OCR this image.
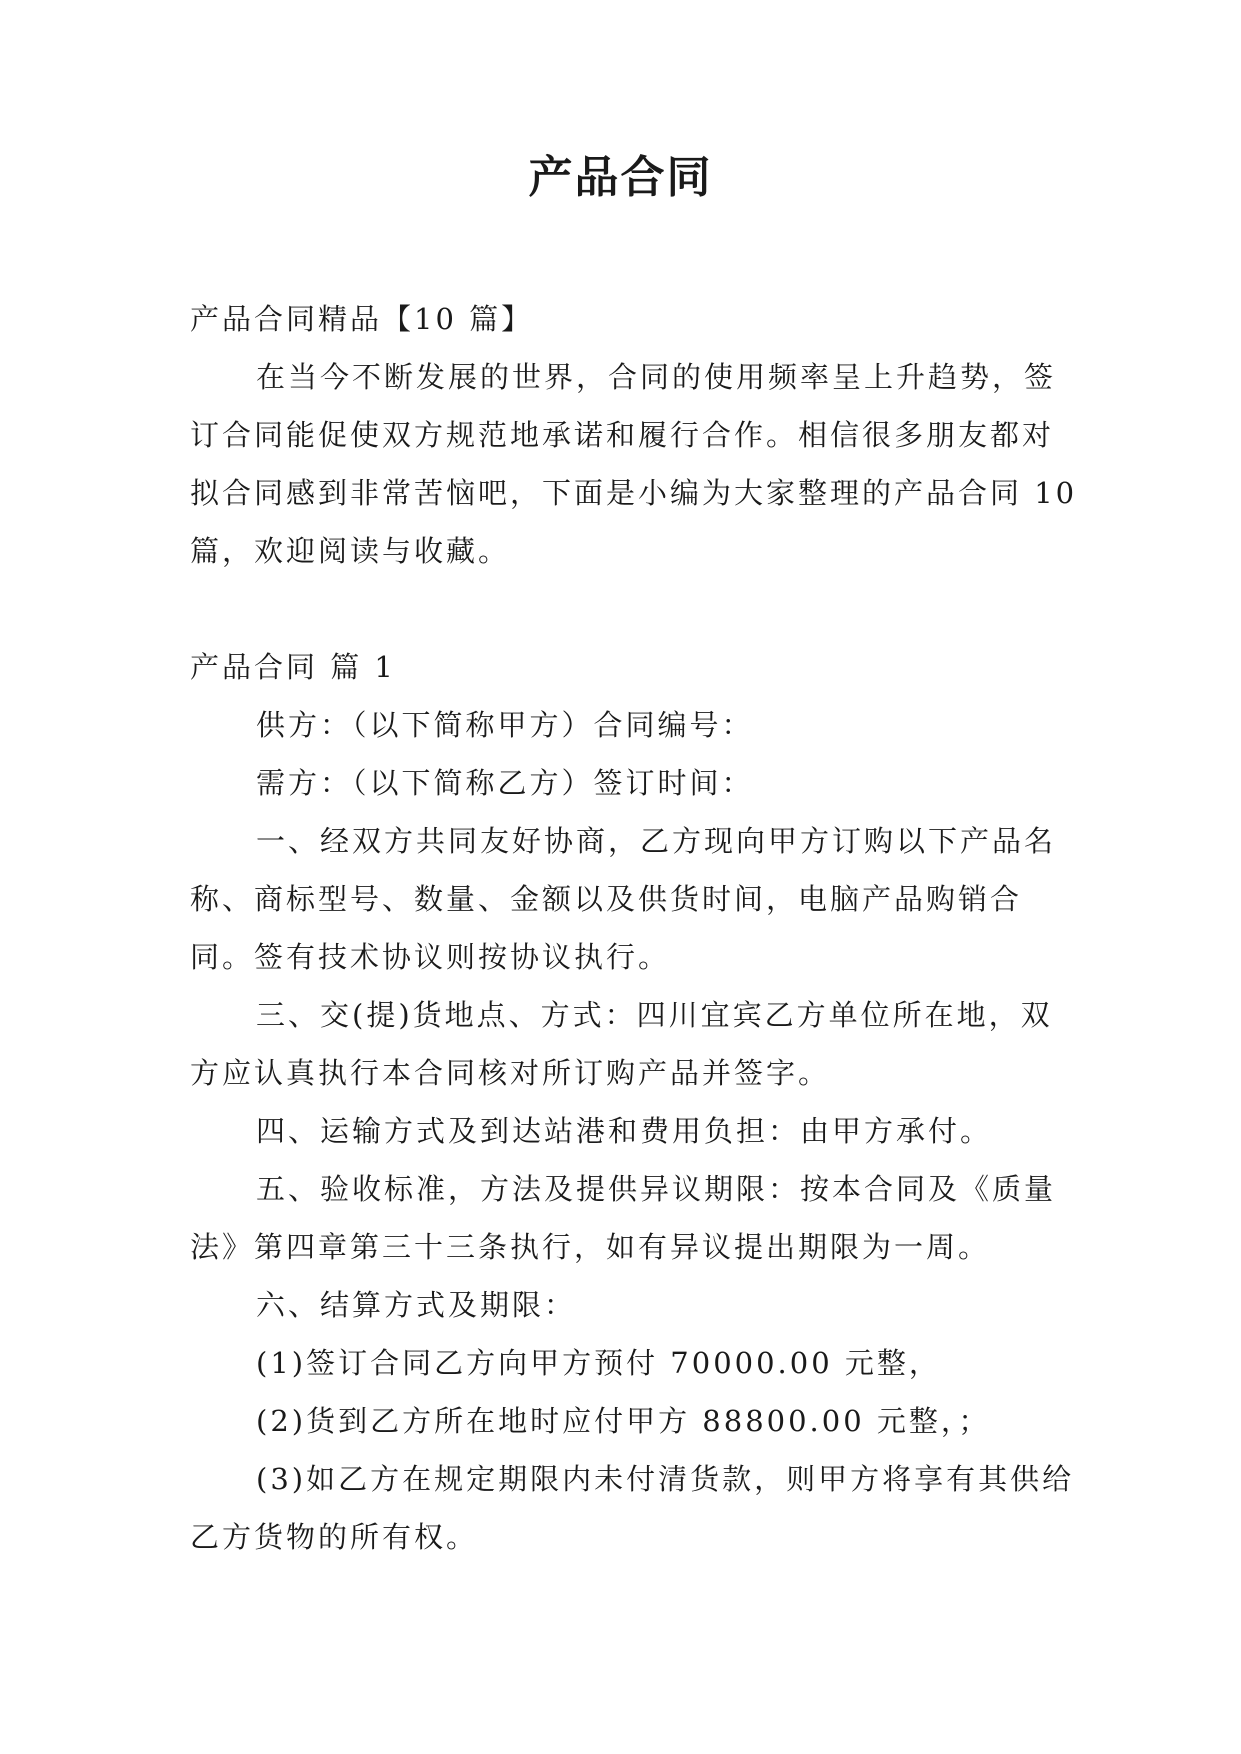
产品合同

产品合同精品【10 篇】

在当今不断发展的世界，合同的使用频率呈上升趋势，签订合同能促使双方规范地承诺和履行合作。相信很多朋友都对拟合同感到非常苦恼吧，下面是小编为大家整理的产品合同 10 篇，欢迎阅读与收藏。

产品合同 篇 1

供方：（以下简称甲方）合同编号：

需方：（以下简称乙方）签订时间：

一、经双方共同友好协商，乙方现向甲方订购以下产品名称、商标型号、数量、金额以及供货时间，电脑产品购销合同。签有技术协议则按协议执行。

三、交(提)货地点、方式：四川宜宾乙方单位所在地，双方应认真执行本合同核对所订购产品并签字。

四、运输方式及到达站港和费用负担：由甲方承付。

五、验收标准，方法及提供异议期限：按本合同及《质量法》第四章第三十三条执行，如有异议提出期限为一周。

六、结算方式及期限：

(1)签订合同乙方向甲方预付 70000.00 元整，

(2)货到乙方所在地时应付甲方 88800.00 元整，；

(3)如乙方在规定期限内未付清货款，则甲方将享有其供给乙方货物的所有权。
